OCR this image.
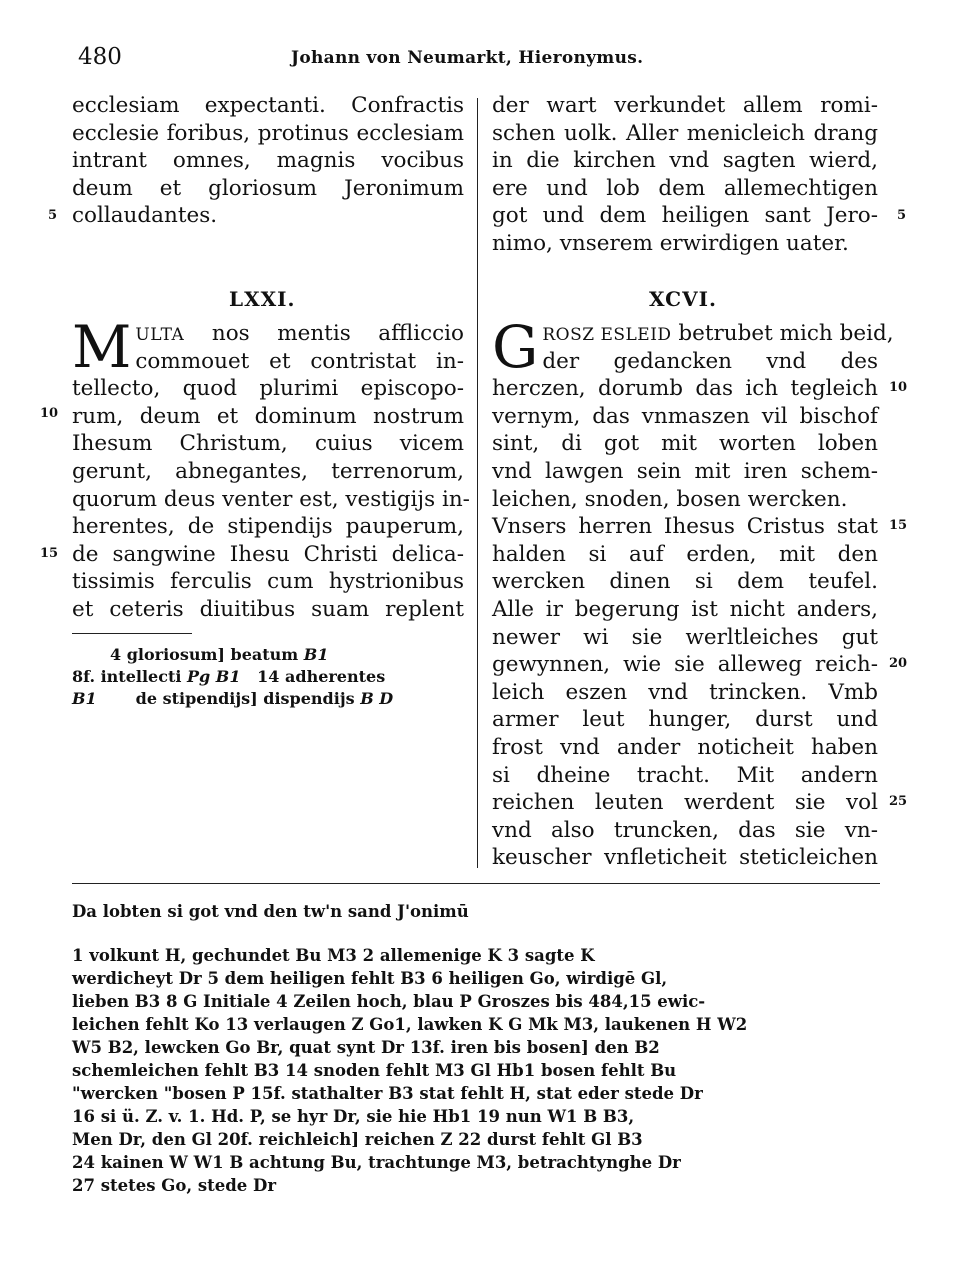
480	Johann von Neumarkt, Hieronymus.
ecclesiam expectanti. Confractis
ecclesie foribus, protinus ecclesiam
intrant omnes, magnis vocibus
deum et gloriosum Jeronimum
collaudantes.
LXXI.
M ULTA nos mentis affliccio
commouet et contristat in-
tellecto, quod plurimi episcopo-
rum, deum et dominum nostrum
Ihesum Christum, cuius vicem
gerunt, abnegantes, terrenorum,
quorum deus venter est, vestigijs in-
herentes, de stipendijs pauperum,
de sangwine Ihesu Christi delica-
tissimis ferculis cum hystrionibus
et ceteris diuitibus suam replent
5
10
15
4 gloriosum] beatum B1
8f. intellecti Pg B1 14 adherentes
B1 de stipendijs] dispendijs B D
der wart verkundet allem romi-
schen uolk. Aller menicleich drang
in die kirchen vnd sagten wierd,
ere und lob dem allemechtigen
got und dem heiligen sant Jero-
nimo, vnserem erwirdigen uater.
XCVI.
G ROSZ ESLEID betrubet mich beid,
der gedancken vnd des
herczen, dorumb das ich tegleich
vernym, das vnmaszen vil bischof
sint, di got mit worten loben
vnd lawgen sein mit iren schem-
leichen, snoden, bosen wercken.
Vnsers herren Ihesus Cristus stat
halden si auf erden, mit den
wercken dinen si dem teufel.
Alle ir begerung ist nicht anders,
newer wi sie werltleiches gut
gewynnen, wie sie alleweg reich-
leich eszen vnd trincken. Vmb
armer leut hunger, durst und
frost vnd ander noticheit haben
si dheine tracht. Mit andern
reichen leuten werdent sie vol
vnd also truncken, das sie vn-
keuscher vnfleticheit steticleichen
5
10
15
20
25
Da lobten si got vnd den tw'n sand J'onimū
1 volkunt H, gechundet Bu M3 2 allemenige K 3 sagte K
werdicheyt Dr 5 dem heiligen fehlt B3 6 heiligen Go, wirdigē Gl,
lieben B3 8 G Initiale 4 Zeilen hoch, blau P Groszes bis 484,15 ewic-
leichen fehlt Ko 13 verlaugen Z Go1, lawken K G Mk M3, laukenen H W2
W5 B2, lewcken Go Br, quat synt Dr 13f. iren bis bosen] den B2
schemleichen fehlt B3 14 snoden fehlt M3 Gl Hb1 bosen fehlt Bu
"wercken "bosen P 15f. stathalter B3 stat fehlt H, stat eder stede Dr
16 si ü. Z. v. 1. Hd. P, se hyr Dr, sie hie Hb1 19 nun W1 B B3,
Men Dr, den Gl 20f. reichleich] reichen Z 22 durst fehlt Gl B3
24 kainen W W1 B achtung Bu, trachtunge M3, betrachtynghe Dr
27 stetes Go, stede Dr
